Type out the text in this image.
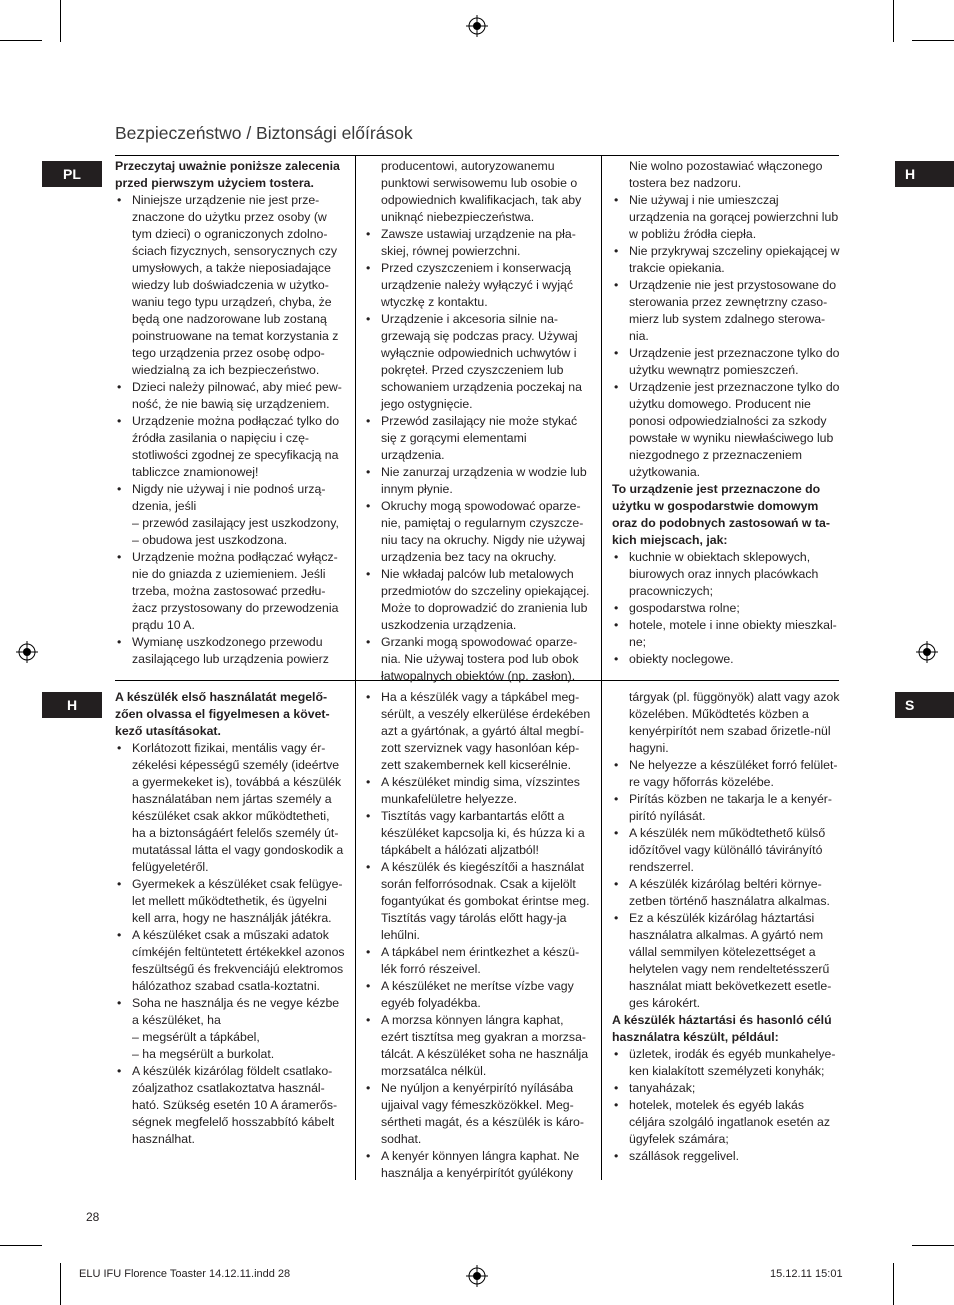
Bezpieczeństwo / Biztonsági előírások
PL
H
H
S

Przeczytaj uważnie poniższe zalecenia przed pierwszym użyciem tostera.

• Niniejsze urządzenie nie jest prze-znaczone do użytku przez osoby (w tym dzieci) o ograniczonych zdolno-ściach fizycznych, sensorycznych czy umysłowych, a także nieposiadające wiedzy lub doświadczenia w użytko-waniu tego typu urządzeń, chyba, że będą one nadzorowane lub zostaną poinstruowane na temat korzystania z tego urządzenia przez osobę odpo-wiedzialną za ich bezpieczeństwo.
• Dzieci należy pilnować, aby mieć pew-ność, że nie bawią się urządzeniem.
• Urządzenie można podłączać tylko do źródła zasilania o napięciu i czę-stotliwości zgodnej ze specyfikacją na tabliczce znamionowej!
• Nigdy nie używaj i nie podnoś urzą-dzenia, jeśli

– przewód zasilający jest uszkodzony,

– obudowa jest uszkodzona.

• Urządzenie można podłączać wyłącz-nie do gniazda z uziemieniem. Jeśli trzeba, można zastosować przedłu-żacz przystosowany do przewodzenia prądu 10 A.
• Wymianę uszkodzonego przewodu zasilającego lub urządzenia powierz

producentowi, autoryzowanemu punktowi serwisowemu lub osobie o odpowiednich kwalifikacjach, tak aby uniknąć niebezpieczeństwa.

• Zawsze ustawiaj urządzenie na pła-skiej, równej powierzchni.
• Przed czyszczeniem i konserwacją urządzenie należy wyłączyć i wyjąć wtyczkę z kontaktu.
• Urządzenie i akcesoria silnie na-grzewają się podczas pracy. Używaj wyłącznie odpowiednich uchwytów i pokręteł. Przed czyszczeniem lub schowaniem urządzenia poczekaj na jego ostygnięcie.
• Przewód zasilający nie może stykać się z gorącymi elementami urządzenia.
• Nie zanurzaj urządzenia w wodzie lub innym płynie.
• Okruchy mogą spowodować oparze-nie, pamiętaj o regularnym czyszcze-niu tacy na okruchy. Nigdy nie używaj urządzenia bez tacy na okruchy.
• Nie wkładaj palców lub metalowych przedmiotów do szczeliny opiekającej. Może to doprowadzić do zranienia lub uszkodzenia urządzenia.
• Grzanki mogą spowodować oparze-nia. Nie używaj tostera pod lub obok łatwopalnych obiektów (np. zasłon).

Nie wolno pozostawiać włączonego tostera bez nadzoru.

• Nie używaj i nie umieszczaj urządzenia na gorącej powierzchni lub w pobliżu źródła ciepła.
• Nie przykrywaj szczeliny opiekającej w trakcie opiekania.
• Urządzenie nie jest przystosowane do sterowania przez zewnętrzny czaso-mierz lub system zdalnego sterowa-nia.
• Urządzenie jest przeznaczone tylko do użytku wewnątrz pomieszczeń.
• Urządzenie jest przeznaczone tylko do użytku domowego. Producent nie ponosi odpowiedzialności za szkody powstałe w wyniku niewłaściwego lub niezgodnego z przeznaczeniem użytkowania.

To urządzenie jest przeznaczone do użytku w gospodarstwie domowym oraz do podobnych zastosowań w ta-kich miejscach, jak:

• kuchnie w obiektach sklepowych, biurowych oraz innych placówkach pracowniczych;
• gospodarstwa rolne;
• hotele, motele i inne obiekty mieszkal-ne;
• obiekty noclegowe.

A készülék első használatát megelő-zően olvassa el figyelmesen a követ-kező utasításokat.

• Korlátozott fizikai, mentális vagy ér-zékelési képességű személy (ideértve a gyermekeket is), továbbá a készülék használatában nem jártas személy a készüléket csak akkor működtetheti, ha a biztonságáért felelős személy út-mutatással látta el vagy gondoskodik a felügyeletéről.
• Gyermekek a készüléket csak felügye-let mellett működtethetik, és ügyelni kell arra, hogy ne használják játékra.
• A készüléket csak a műszaki adatok címkéjén feltüntetett értékekkel azonos feszültségű és frekvenciájú elektromos hálózathoz szabad csatla-koztatni.
• Soha ne használja és ne vegye kézbe a készüléket, ha

– megsérült a tápkábel,

– ha megsérült a burkolat.

• A készülék kizárólag földelt csatlako-zóaljzathoz csatlakoztatva használ-ható. Szükség esetén 10 A áramerős-ségnek megfelelő hosszabbító kábelt használhat.
• Ha a készülék vagy a tápkábel meg-sérült, a veszély elkerülése érdekében azt a gyártónak, a gyártó által megbí-zott szerviznek vagy hasonlóan kép-zett szakembernek kell kicserélnie.
• A készüléket mindig sima, vízszintes munkafelületre helyezze.
• Tisztítás vagy karbantartás előtt a készüléket kapcsolja ki, és húzza ki a tápkábelt a hálózati aljzatból!
• A készülék és kiegészítői a használat során felforrósodnak. Csak a kijelölt fogantyúkat és gombokat érintse meg. Tisztítás vagy tárolás előtt hagy-ja lehűlni.
• A tápkábel nem érintkezhet a készü-lék forró részeivel.
• A készüléket ne merítse vízbe vagy egyéb folyadékba.
• A morzsa könnyen lángra kaphat, ezért tisztítsa meg gyakran a morzsa-tálcát. A készüléket soha ne használja morzsatálca nélkül.
• Ne nyúljon a kenyérpirító nyílásába ujjaival vagy fémeszközökkel. Meg-sértheti magát, és a készülék is káro-sodhat.
• A kenyér könnyen lángra kaphat. Ne használja a kenyérpirítót gyúlékony

tárgyak (pl. függönyök) alatt vagy azok közelében. Működtetés közben a kenyérpirítót nem szabad őrizetle-nül hagyni.

• Ne helyezze a készüléket forró felület-re vagy hőforrás közelébe.
• Pirítás közben ne takarja le a kenyér-pirító nyílását.
• A készülék nem működtethető külső időzítővel vagy különálló távirányító rendszerrel.
• A készülék kizárólag beltéri környe-zetben történő használatra alkalmas.
• Ez a készülék kizárólag háztartási használatra alkalmas. A gyártó nem vállal semmilyen kötelezettséget a helytelen vagy nem rendeltetésszerű használat miatt bekövetkezett esetle-ges károkért.

A készülék háztartási és hasonló célú használatra készült, például:

• üzletek, irodák és egyéb munkahelye-ken kialakított személyzeti konyhák;
• tanyaházak;
• hotelek, motelek és egyéb lakás céljára szolgáló ingatlanok esetén az ügyfelek számára;
• szállások reggelivel.
28
ELU IFU Florence Toaster 14.12.11.indd 28	15.12.11 15:01
